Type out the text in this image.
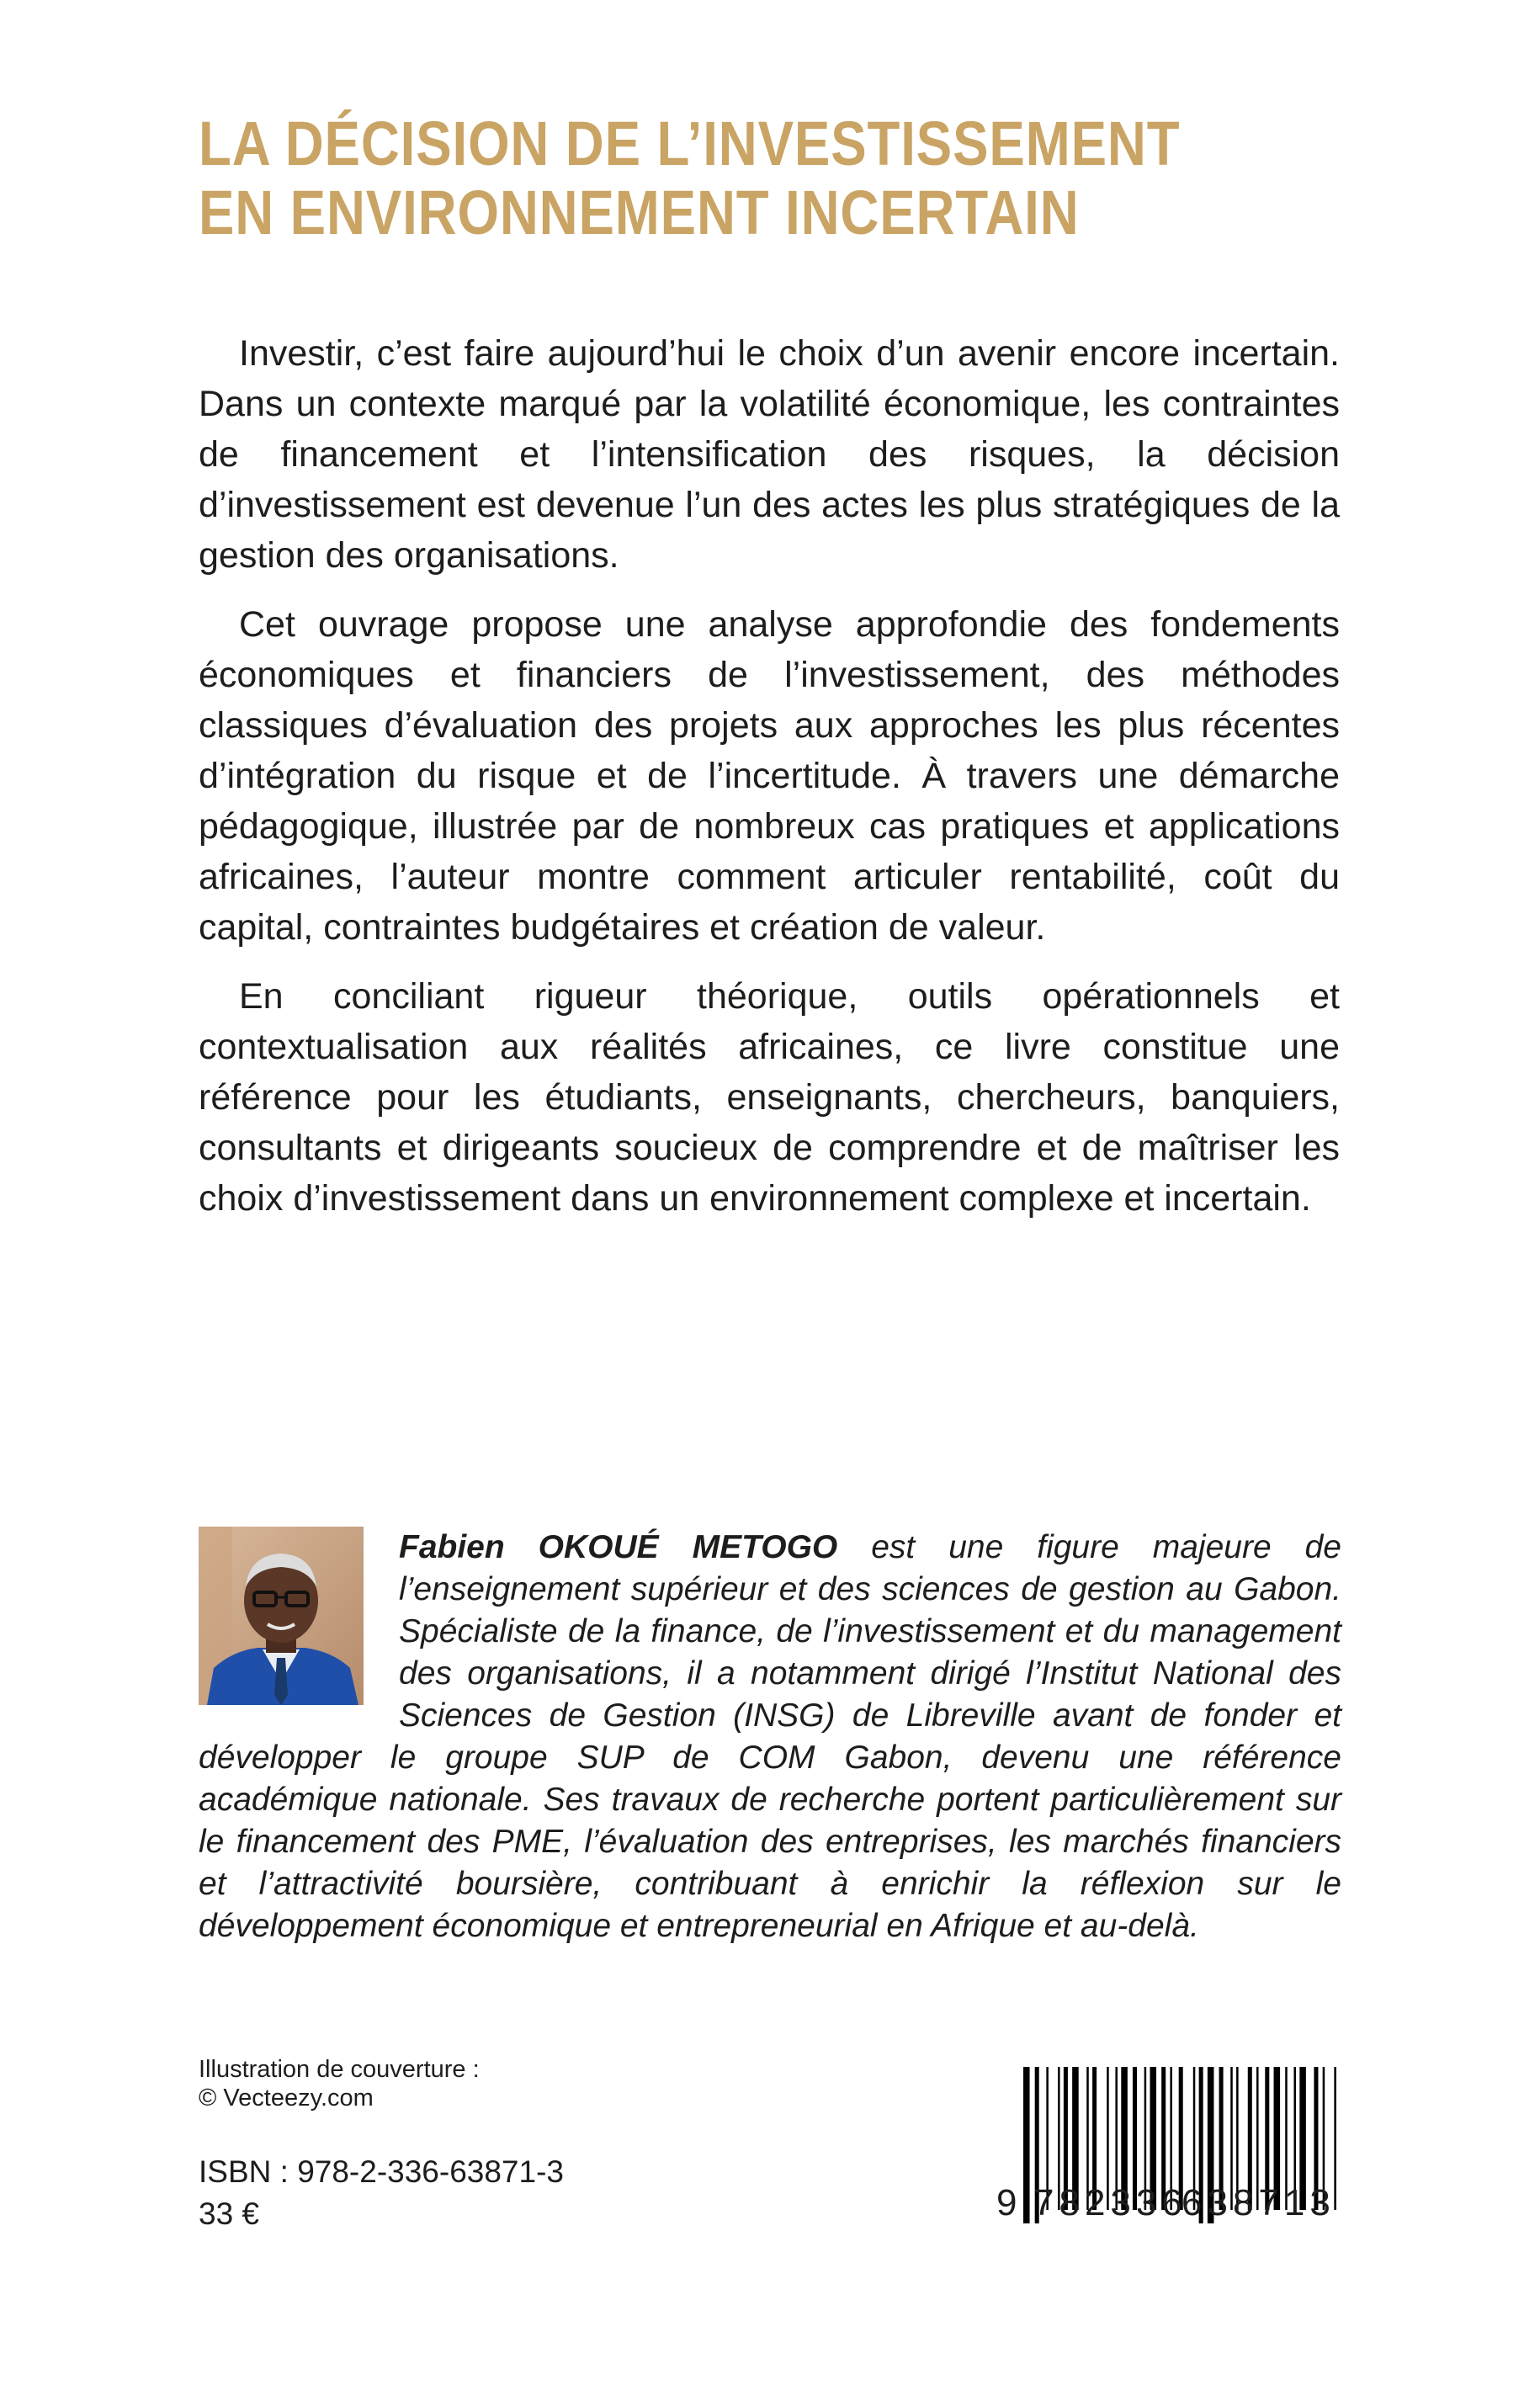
LA DÉCISION DE L’INVESTISSEMENT
EN ENVIRONNEMENT INCERTAIN

Investir, c’est faire aujourd’hui le choix d’un avenir encore incertain. Dans un contexte marqué par la volatilité économique, les contraintes de financement et l’intensification des risques, la décision d’investissement est devenue l’un des actes les plus stratégiques de la gestion des organisations.

Cet ouvrage propose une analyse approfondie des fondements économiques et financiers de l’investissement, des méthodes classiques d’évaluation des projets aux approches les plus récentes d’intégration du risque et de l’incertitude. À travers une démarche pédagogique, illustrée par de nombreux cas pratiques et applications africaines, l’auteur montre comment articuler rentabilité, coût du capital, contraintes budgétaires et création de valeur.

En conciliant rigueur théorique, outils opérationnels et contextualisation aux réalités africaines, ce livre constitue une référence pour les étudiants, enseignants, chercheurs, banquiers, consultants et dirigeants soucieux de comprendre et de maîtriser les choix d’investissement dans un environnement complexe et incertain.

Fabien OKOUÉ METOGO est une figure majeure de l’enseignement supérieur et des sciences de gestion au Gabon. Spécialiste de la finance, de l’investissement et du management des organisations, il a notamment dirigé l’Institut National des Sciences de Gestion (INSG) de Libreville avant de fonder et développer le groupe SUP de COM Gabon, devenu une référence académique nationale. Ses travaux de recherche portent particulièrement sur le financement des PME, l’évaluation des entreprises, les marchés financiers et l’attractivité boursière, contribuant à enrichir la réflexion sur le développement économique et entrepreneurial en Afrique et au-delà.
Illustration de couverture :
© Vecteezy.com
ISBN : 978-2-336-63871-3
33 €	9 782336
638713
